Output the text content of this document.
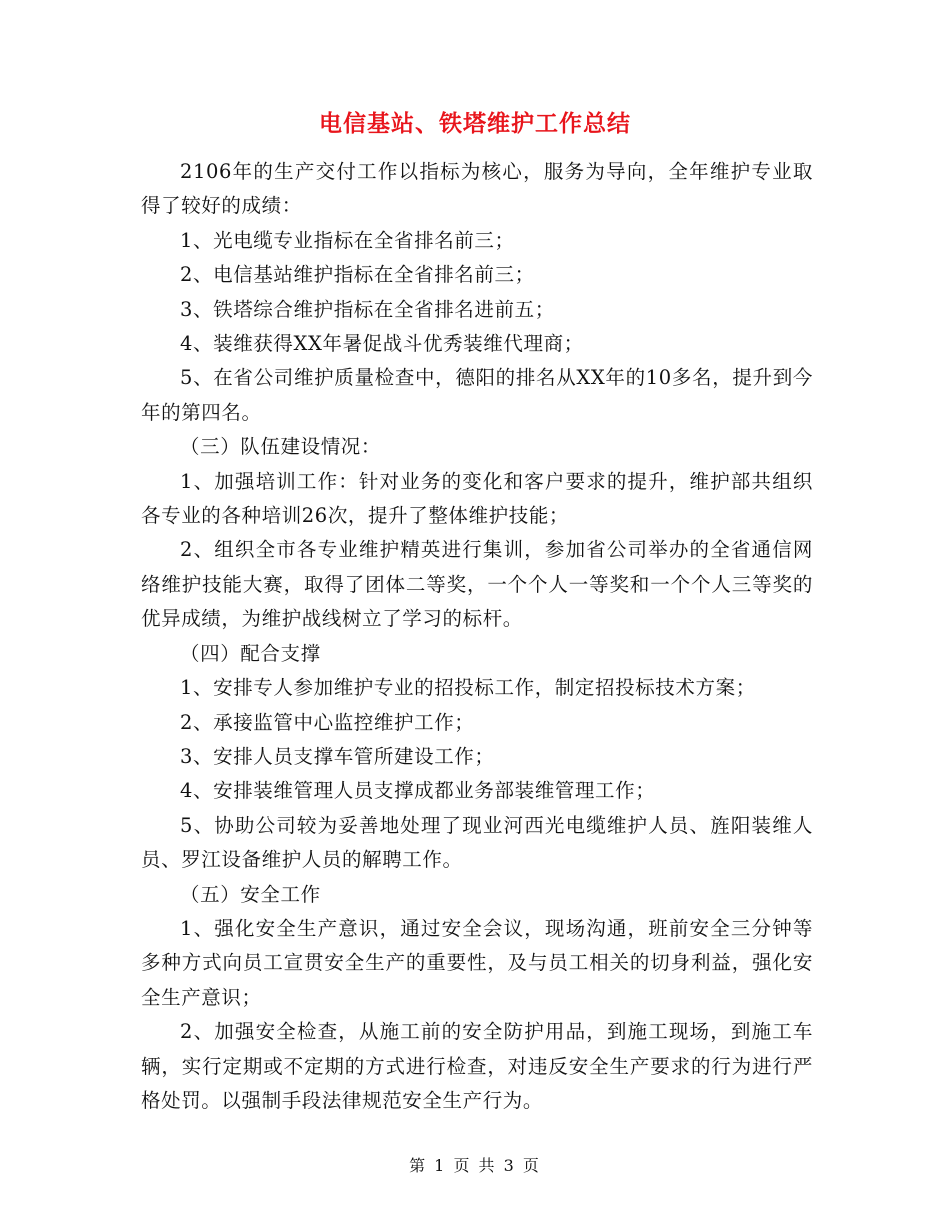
电信基站、铁塔维护工作总结

2106年的生产交付工作以指标为核心，服务为导向，全年维护专业取得了较好的成绩：

1、光电缆专业指标在全省排名前三；

2、电信基站维护指标在全省排名前三；

3、铁塔综合维护指标在全省排名进前五；

4、装维获得XX年暑促战斗优秀装维代理商；

5、在省公司维护质量检查中，德阳的排名从XX年的10多名，提升到今年的第四名。

（三）队伍建设情况：

1、加强培训工作：针对业务的变化和客户要求的提升，维护部共组织各专业的各种培训26次，提升了整体维护技能；

2、组织全市各专业维护精英进行集训，参加省公司举办的全省通信网络维护技能大赛，取得了团体二等奖，一个个人一等奖和一个个人三等奖的优异成绩，为维护战线树立了学习的标杆。

（四）配合支撑

1、安排专人参加维护专业的招投标工作，制定招投标技术方案；

2、承接监管中心监控维护工作；

3、安排人员支撑车管所建设工作；

4、安排装维管理人员支撑成都业务部装维管理工作；

5、协助公司较为妥善地处理了现业河西光电缆维护人员、旌阳装维人员、罗江设备维护人员的解聘工作。

（五）安全工作

1、强化安全生产意识，通过安全会议，现场沟通，班前安全三分钟等多种方式向员工宣贯安全生产的重要性，及与员工相关的切身利益，强化安全生产意识；

2、加强安全检查，从施工前的安全防护用品，到施工现场，到施工车辆，实行定期或不定期的方式进行检查，对违反安全生产要求的行为进行严格处罚。以强制手段法律规范安全生产行为。

第 1 页 共 3 页
